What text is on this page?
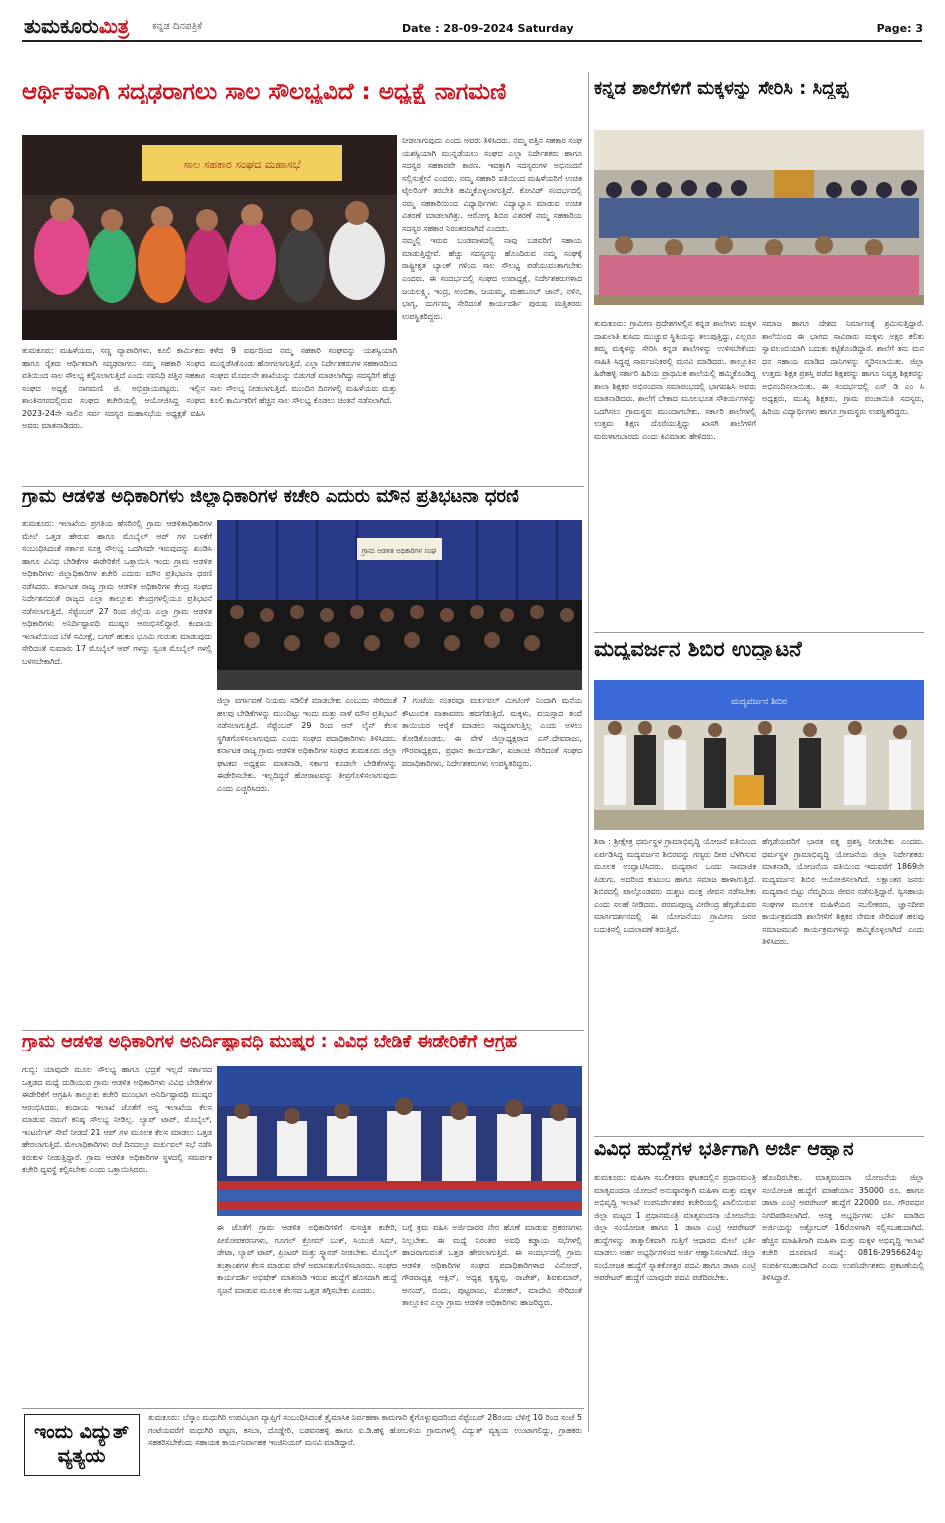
ತುಮಕೂರುಮಿತ್ರ ಕನ್ನಡ ದಿನಪತ್ರಿಕೆ	Date : 28-09-2024 Saturday	Page: 3
ಆರ್ಥಿಕವಾಗಿ ಸದೃಢರಾಗಲು ಸಾಲ ಸೌಲಭ್ಯವಿದೆ : ಅಧ್ಯಕ್ಷೆ ನಾಗಮಣಿ
ಸಾಲ ಸಹಕಾರ ಸಂಘದ ಮಹಾಸಭೆ

ನೀಡಲಾಗುವುದು ಎಂದು ಅವರು ತಿಳಿಸಿದರು. ನಮ್ಮ ಪತ್ತಿನ ಸಹಕಾರ ಸಂಘ ಯಶಸ್ವಿಯಾಗಿ ಮುನ್ನಡೆಯಲು ಸಂಘದ ಎಲ್ಲಾ ನಿರ್ದೇಶಕರು ಹಾಗೂ ಸದಸ್ಯರ ಸಹಕಾರವೇ ಕಾರಣ. ಇವತ್ತಾಗಿ ಸದಸ್ಯರುಗಳ ಅಭಿನಂದನೆ ಸಲ್ಲಿಸುತ್ತೇನೆ ಎಂದರು. ನಮ್ಮ ಸಹಕಾರಿ ವತಿಯಿಂದ ಮಹಿಳೆಯರಿಗೆ ಉಚಿತ ಟೈಲರಿಂಗ್ ತರಬೇತಿ ಹಮ್ಮಿಕೊಳ್ಳಲಾಗುತ್ತಿದೆ. ಕೋವಿಡ್ ಸಂದರ್ಭದಲ್ಲಿ ನಮ್ಮ ಸಹಕಾರಿಯಿಂದ ವಿಧ್ಯಾರ್ಥಿಗಳು ವಿದ್ಯಾಭ್ಯಾಸ ಮಾಡುವ ಉಚಿತ ವಿತರಣೆ ಮಾಡಲಾಗಿತ್ತು. ಆರೋಗ್ಯ ಶಿಬಿರ ವಿತರಣೆ ನಮ್ಮ ಸಹಕಾರಿಯ ಸದಸ್ಯರ ಸಹಕಾರ ನಿರಂತರವಾಗಿದೆ ಎಂದರು.

ನಮ್ಮಲ್ಲಿ ಇರುವ ಬಂಡವಾಳದಲ್ಲಿ ನಾವು ಬಡವರಿಗೆ ಸಹಾಯ ಮಾಡುತ್ತಿದ್ದೇವೆ. ಹೆಚ್ಚು ಸದಸ್ಯರನ್ನು ಹೊಂದಿರುವ ನಮ್ಮ ಸಂಘಕ್ಕೆ ರಾಷ್ಟ್ರೀಕೃತ ಬ್ಯಾಂಕ್ ಗಳಿಂದ ಸಾಲ ಸೌಲಭ್ಯ ಪಡೆಯುವಂತಾಗಬೇಕು ಎಂದರು. ಈ ಸಂದರ್ಭದಲ್ಲಿ ಸಂಘದ ಉಪಾಧ್ಯಕ್ಷೆ, ನಿರ್ದೇಶಕರುಗಳಾದ ಜಯಲಕ್ಷ್ಮಿ, ಇಂದ್ರ, ಅಂಬಿಕಾ, ಜಯಮ್ಮ, ಮಹಬೂಬ್ ಜಾನ್, ನಳಿನ, ಭಾಗ್ಯ, ದುರ್ಗಮ್ಮ ಸೇರಿದಂತೆ ಕಾರ್ಯದರ್ಶಿ ಪುರುಷ ಮತ್ತಿತರರು ಉಪಸ್ಥಿತರಿದ್ದರು.

ತುಮಕೂರು: ಮಹಿಳೆಯರು, ಸಣ್ಣ ವ್ಯಾಪಾರಿಗಳು, ಕೂಲಿ ಕಾರ್ಮಿಕರು ಹಾಗೂ ರೈತರು ಆರ್ಥಿಕವಾಗಿ ಸದೃಢರಾಗಲು ನಮ್ಮ ಸಹಕಾರಿ ಸಂಘದ ವತಿಯಿಂದ ಸಾಲ ಸೌಲಭ್ಯ ಕಲ್ಪಿಸಲಾಗುತ್ತಿದೆ ಎಂದು ನವನಿಧಿ ಪತ್ತಿನ ಸಹಕಾರ ಸಂಘದ ಅಧ್ಯಕ್ಷೆ ನಾಗಮಣಿ ಜಿ. ಅಭಿಪ್ರಾಯಪಟ್ಟರು. ಇಲ್ಲಿನ ಶಾಂತಿನಗರದಲ್ಲಿರುವ ಸಂಘದ ಕಚೇರಿಯಲ್ಲಿ ಆಯೋಜಿಸಿದ್ದ ಸಂಘದ 2023-24ನೇ ಸಾಲಿನ ಸರ್ವ ಸದಸ್ಯರ ಮಹಾಸಭೆಯ ಅಧ್ಯಕ್ಷತೆ ವಹಿಸಿ ಅವರು ಮಾತನಾಡಿದರು.

ಕಳೆದ 9 ವರ್ಷದಿಂದ ನಮ್ಮ ಸಹಕಾರಿ ಸಂಘವನ್ನು ಯಶಸ್ವಿಯಾಗಿ ಮುನ್ನಡೆಸಿಕೊಂಡು ಹೋಗಲಾಗುತ್ತಿದೆ. ಎಲ್ಲಾ ನಿರ್ದೇಶಕರುಗಳ ಸಹಕಾರದಿಂದ ಸಂಘದ ಮೊದಲನೇ ಶಾಖೆಯನ್ನು ಬಿಡುಗಡೆ ಮಾಡಲಾಗಿದ್ದು ಸದಸ್ಯರಿಗೆ ಹೆಚ್ಚು ಸಾಲ ಸೌಲಭ್ಯ ನೀಡಲಾಗುತ್ತಿದೆ. ಮುಂದಿನ ದಿನಗಳಲ್ಲಿ ಮಹಿಳೆಯರು ಮತ್ತು ಕೂಲಿ ಕಾರ್ಮಿಕರಿಗೆ ಹೆಚ್ಚಿನ ಸಾಲ ಸೌಲಭ್ಯ ಕೊಡಲು ಚಿಂತನೆ ನಡೆಸಲಾಗಿದೆ.

ಕನ್ನಡ ಶಾಲೆಗಳಿಗೆ ಮಕ್ಕಳನ್ನು ಸೇರಿಸಿ : ಸಿದ್ದಪ್ಪ

ತುಮಕೂರು: ಗ್ರಾಮೀಣ ಪ್ರದೇಶಗಳಲ್ಲಿನ ಕನ್ನಡ ಶಾಲೆಗಳು ಮಕ್ಕಳ ದಾಖಲಾತಿ ಕುಸಿದು ಮುಚ್ಚುವ ಸ್ಥಿತಿಯನ್ನು ತಲುಪುತ್ತಿದ್ದು, ಎಲ್ಲರೂ ತಮ್ಮ ಮಕ್ಕಳನ್ನು ಸೇರಿಸಿ ಕನ್ನಡ ಶಾಲೆಗಳನ್ನು ಉಳಿಸಬೇಕೆಂದು ಸಾಹಿತಿ ಸಿದ್ದಪ್ಪ ಸಾರ್ವಜನಿಕರಲ್ಲಿ ಮನವಿ ಮಾಡಿದರು. ತಾಲ್ಲೂಕಿನ ಹಿರೇಹಳ್ಳಿ ಸರ್ಕಾರಿ ಹಿರಿಯ ಪ್ರಾಥಮಿಕ ಶಾಲೆಯಲ್ಲಿ ಹಮ್ಮಿಕೊಂಡಿದ್ದ ಶಾಲಾ ಶಿಕ್ಷಕರ ಅಭಿನಂದನಾ ಸಮಾರಂಭದಲ್ಲಿ ಭಾಗವಹಿಸಿ ಅವರು ಮಾತನಾಡಿದರು. ಶಾಲೆಗೆ ಬೇಕಾದ ಮೂಲಭೂತ ಸೌಕರ್ಯಗಳನ್ನು ಒದಗಿಸಲು ಗ್ರಾಮಸ್ಥರು ಮುಂದಾಗಬೇಕು. ಸರ್ಕಾರಿ ಶಾಲೆಗಳಲ್ಲಿ ಉತ್ತಮ ಶಿಕ್ಷಣ ದೊರೆಯುತ್ತಿದ್ದು ಖಾಸಗಿ ಶಾಲೆಗಳಿಗೆ ಮರುಳಾಗಬಾರದು ಎಂದು ಕಿವಿಮಾತು ಹೇಳಿದರು.

ಸಮಾಜ ಹಾಗೂ ದೇಶದ ನಿರ್ಮಾಣಕ್ಕೆ ಶ್ರಮಿಸುತ್ತಿದ್ದಾರೆ. ಶಾಲೆಯಿಂದ ಈ ಭಾಗದ ಸಾವಿರಾರು ಮಕ್ಕಳು ಅಕ್ಷರ ಕಲಿತು ಸ್ವಾವಲಂಬಿಯಾಗಿ ಬದುಕು ಕಟ್ಟಿಕೊಂಡಿದ್ದಾರೆ. ಶಾಲೆಗೆ ತನು ಮನ ಧನ ಸಹಾಯ ಮಾಡಿದ ದಾನಿಗಳನ್ನು ಸ್ಮರಿಸಲಾಯಿತು. ಜಿಲ್ಲಾ ಉತ್ತಮ ಶಿಕ್ಷಕ ಪ್ರಶಸ್ತಿ ಪಡೆದ ಶಿಕ್ಷಕರನ್ನು ಹಾಗೂ ನಿವೃತ್ತ ಶಿಕ್ಷಕರನ್ನು ಅಭಿನಂದಿಸಲಾಯಿತು. ಈ ಸಂದರ್ಭದಲ್ಲಿ ಎಸ್ ಡಿ ಎಂ ಸಿ ಅಧ್ಯಕ್ಷರು, ಮುಖ್ಯ ಶಿಕ್ಷಕರು, ಗ್ರಾಮ ಪಂಚಾಯಿತಿ ಸದಸ್ಯರು, ಹಿರಿಯ ವಿದ್ಯಾರ್ಥಿಗಳು ಹಾಗೂ ಗ್ರಾಮಸ್ಥರು ಉಪಸ್ಥಿತರಿದ್ದರು.

ಗ್ರಾಮ ಆಡಳಿತ ಅಧಿಕಾರಿಗಳು ಜಿಲ್ಲಾಧಿಕಾರಿಗಳ ಕಚೇರಿ ಎದುರು ಮೌನ ಪ್ರತಿಭಟನಾ ಧರಣಿ

ತುಮಕೂರು: ಇಲಾಖೆಯ ಪ್ರಗತಿಯ ಹೆಸರಿನಲ್ಲಿ ಗ್ರಾಮ ಆಡಳಿತಾಧಿಕಾರಿಗಳ ಮೇಲೆ ಒತ್ತಡ ಹೇರುವ ಹಾಗೂ ಮೊಬೈಲ್ ಆಪ್ ಗಳ ಬಳಕೆಗೆ ಸಂಬಂಧಿಸಿದಂತೆ ಸರ್ಕಾರ ಸೂಕ್ತ ಸೌಲಭ್ಯ ಒದಗಿಸದೇ ಇರುವುದನ್ನು ಖಂಡಿಸಿ ಹಾಗೂ ವಿವಿಧ ಬೇಡಿಕೆಗಳ ಈಡೇರಿಕೆಗೆ ಒತ್ತಾಯಿಸಿ ಇಂದು ಗ್ರಾಮ ಆಡಳಿತ ಅಧಿಕಾರಿಗಳು ಜಿಲ್ಲಾಧಿಕಾರಿಗಳ ಕಚೇರಿ ಎದುರು ಮೌನ ಪ್ರತಿಭಟನಾ ಧರಣಿ ನಡೆಸಿದರು. ಕರ್ನಾಟಕ ರಾಜ್ಯ ಗ್ರಾಮ ಆಡಳಿತ ಅಧಿಕಾರಿಗಳ ಕೇಂದ್ರ ಸಂಘದ ನಿರ್ದೇಶನದಂತೆ ರಾಜ್ಯದ ಎಲ್ಲಾ ತಾಲ್ಲೂಕು ಕೇಂದ್ರಗಳಲ್ಲಿಯೂ ಪ್ರತಿಭಟನೆ ನಡೆಸಲಾಗುತ್ತಿದೆ. ಸೆಪ್ಟೆಂಬರ್ 27 ರಿಂದ ಜಿಲ್ಲೆಯ ಎಲ್ಲಾ ಗ್ರಾಮ ಆಡಳಿತ ಅಧಿಕಾರಿಗಳು ಅನಿರ್ದಿಷ್ಟಾವಧಿ ಮುಷ್ಕರ ಆರಂಭಿಸಲಿದ್ದಾರೆ. ಕಂದಾಯ ಇಲಾಖೆಯಿಂದ ಬೆಳೆ ಸಮೀಕ್ಷೆ, ಬಗರ್ ಹುಕುಂ ಭೂಮಿ ಗುರುತು ಮಾಡುವುದು ಸೇರಿದಂತೆ ಸುಮಾರು 17 ಮೊಬೈಲ್ ಆಪ್ ಗಳನ್ನು ಸ್ವಂತ ಮೊಬೈಲ್ ಗಳಲ್ಲಿ ಬಳಸಬೇಕಾಗಿದೆ.

ಗ್ರಾಮ ಆಡಳಿತ ಅಧಿಕಾರಿಗಳ ಸಂಘ

ಜಿಲ್ಲಾ ವರ್ಗಾವಣೆ ನಿಯಮ ಸಡಿಲಿಕೆ ಮಾಡಬೇಕು ಎಂಬುದು ಸೇರಿದಂತೆ ಹಲವು ಬೇಡಿಕೆಗಳನ್ನು ಮುಂದಿಟ್ಟು ಇಂದು ಮತ್ತು ನಾಳೆ ಮೌನ ಪ್ರತಿಭಟನೆ ನಡೆಸಲಾಗುತ್ತಿದೆ. ಸೆಪ್ಟೆಂಬರ್ 29 ರಿಂದ ಆನ್ ಲೈನ್ ಕೆಲಸ ಸ್ಥಗಿತಗೊಳಿಸಲಾಗುವುದು ಎಂದು ಸಂಘದ ಪದಾಧಿಕಾರಿಗಳು ತಿಳಿಸಿದರು. ಕರ್ನಾಟಕ ರಾಜ್ಯ ಗ್ರಾಮ ಆಡಳಿತ ಅಧಿಕಾರಿಗಳ ಸಂಘದ ತುಮಕೂರು ಜಿಲ್ಲಾ ಘಟಕದ ಅಧ್ಯಕ್ಷರು ಮಾತನಾಡಿ, ಸರ್ಕಾರ ಕೂಡಲೇ ಬೇಡಿಕೆಗಳನ್ನು ಈಡೇರಿಸಬೇಕು. ಇಲ್ಲದಿದ್ದರೆ ಹೋರಾಟವನ್ನು ತೀವ್ರಗೊಳಿಸಲಾಗುವುದು ಎಂದು ಎಚ್ಚರಿಸಿದರು.

7 ಗಂಟೆಯ ನಂತರವೂ ವರ್ಚುವಲ್ ಮೀಟಿಂಗ್ ನಿಂದಾಗಿ ಮನೆಯ ಕೌಟುಂಬಿಕ ವಾತಾವರಣ ಹದಗೆಡುತ್ತಿದೆ. ಮಕ್ಕಳು, ವಯಸ್ಸಾದ ತಂದೆ ತಾಯಿಯರ ಆರೈಕೆ ಮಾಡಲು ಸಾಧ್ಯವಾಗುತ್ತಿಲ್ಲ ಎಂದು ಅಳಲು ತೋಡಿಕೊಂಡರು. ಈ ವೇಳೆ ಜಿಲ್ಲಾಧ್ಯಕ್ಷರಾದ ಎಸ್.ದೇವರಾಜು, ಗೌರವಾಧ್ಯಕ್ಷರು, ಪ್ರಧಾನ ಕಾರ್ಯದರ್ಶಿ, ಖಜಾಂಚಿ ಸೇರಿದಂತೆ ಸಂಘದ ಪದಾಧಿಕಾರಿಗಳು, ನಿರ್ದೇಶಕರುಗಳು ಉಪಸ್ಥಿತರಿದ್ದರು.

ಮದ್ಯವರ್ಜನ ಶಿಬಿರ ಉದ್ಘಾಟನೆ
ಮದ್ಯವರ್ಜನ ಶಿಬಿರ

ಶಿರಾ : ಶ್ರೀಕ್ಷೇತ್ರ ಧರ್ಮಸ್ಥಳ ಗ್ರಾಮಾಭಿವೃದ್ಧಿ ಯೋಜನೆ ವತಿಯಿಂದ ಏರ್ಪಡಿಸಿದ್ದ ಮದ್ಯವರ್ಜನ ಶಿಬಿರವನ್ನು ಗಣ್ಯರು ದೀಪ ಬೆಳಗಿಸುವ ಮೂಲಕ ಉದ್ಘಾಟಿಸಿದರು. ಮದ್ಯಪಾನ ಒಂದು ಸಾಮಾಜಿಕ ಪಿಡುಗು. ಅದರಿಂದ ಕುಟುಂಬ ಹಾಗೂ ಸಮಾಜ ಹಾಳಾಗುತ್ತಿದೆ. ಶಿಬಿರದಲ್ಲಿ ಪಾಲ್ಗೊಂಡವರು ದುಶ್ಚಟ ಮುಕ್ತ ಜೀವನ ನಡೆಸಬೇಕು ಎಂದು ಸಲಹೆ ನೀಡಿದರು. ಪರಮಪೂಜ್ಯ ವೀರೇಂದ್ರ ಹೆಗ್ಗಡೆಯವರ ಮಾರ್ಗದರ್ಶನದಲ್ಲಿ ಈ ಯೋಜನೆಯು ಗ್ರಾಮೀಣ ಜನರ ಬದುಕಿನಲ್ಲಿ ಬದಲಾವಣೆ ತರುತ್ತಿದೆ.

ಹೆಗ್ಗಡೆಯವರಿಗೆ ಭಾರತ ರತ್ನ ಪ್ರಶಸ್ತಿ ನೀಡಬೇಕು ಎಂದರು. ಧರ್ಮಸ್ಥಳ ಗ್ರಾಮಾಭಿವೃದ್ಧಿ ಯೋಜನೆಯ ಜಿಲ್ಲಾ ನಿರ್ದೇಶಕರು ಮಾತನಾಡಿ, ಯೋಜನೆಯ ವತಿಯಿಂದ ಇದುವರೆಗೆ 1869ನೇ ಮದ್ಯವರ್ಜನ ಶಿಬಿರ ಆಯೋಜಿಸಲಾಗಿದೆ. ಲಕ್ಷಾಂತರ ಜನರು ಮದ್ಯಪಾನ ಬಿಟ್ಟು ನೆಮ್ಮದಿಯ ಜೀವನ ನಡೆಸುತ್ತಿದ್ದಾರೆ. ಸ್ವಸಹಾಯ ಸಂಘಗಳ ಮೂಲಕ ಮಹಿಳೆಯರ ಸಬಲೀಕರಣ, ಜ್ಞಾನದೀಪ ಕಾರ್ಯಕ್ರಮದಡಿ ಶಾಲೆಗಳಿಗೆ ಶಿಕ್ಷಕರ ನೇಮಕ ಸೇರಿದಂತೆ ಹಲವು ಸಮಾಜಮುಖಿ ಕಾರ್ಯಕ್ರಮಗಳನ್ನು ಹಮ್ಮಿಕೊಳ್ಳಲಾಗಿದೆ ಎಂದು ತಿಳಿಸಿದರು.

ಗ್ರಾಮ ಆಡಳಿತ ಅಧಿಕಾರಿಗಳ ಅನಿರ್ದಿಷ್ಟಾವಧಿ ಮುಷ್ಕರ : ವಿವಿಧ ಬೇಡಿಕೆ ಈಡೇರಿಕೆಗೆ ಆಗ್ರಹ

ಗುಬ್ಬಿ: ಯಾವುದೇ ಮೂಲ ಸೌಲಭ್ಯ ಹಾಗೂ ಭದ್ರತೆ ಇಲ್ಲದೆ ಸರ್ಕಾರದ ಒತ್ತಡದ ಮಧ್ಯೆ ದುಡಿಯುವ ಗ್ರಾಮ ಆಡಳಿತ ಅಧಿಕಾರಿಗಳು ವಿವಿಧ ಬೇಡಿಕೆಗಳ ಈಡೇರಿಕೆಗೆ ಆಗ್ರಹಿಸಿ ತಾಲ್ಲೂಕು ಕಚೇರಿ ಮುಂಭಾಗ ಅನಿರ್ದಿಷ್ಟಾವಧಿ ಮುಷ್ಕರ ಆರಂಭಿಸಿದರು. ಕಂದಾಯ ಇಲಾಖೆ ಜೊತೆಗೆ ಅನ್ಯ ಇಲಾಖೆಯ ಕೆಲಸ ಮಾಡುವ ನಮಗೆ ಕನಿಷ್ಠ ಸೌಲಭ್ಯ ನೀಡಿಲ್ಲ. ಲ್ಯಾಪ್ ಟಾಪ್, ಮೊಬೈಲ್, ಇಂಟರ್ನೆಟ್ ಸೇವೆ ನೀಡದೆ 21 ಆಪ್ ಗಳ ಮೂಲಕ ಕೆಲಸ ಮಾಡಲು ಒತ್ತಡ ಹೇರಲಾಗುತ್ತಿದೆ. ಮೇಲಾಧಿಕಾರಿಗಳು ರಜೆ ದಿನದಲ್ಲೂ ವರ್ಚುವಲ್ ಸಭೆ ನಡೆಸಿ ಕಿರುಕುಳ ನೀಡುತ್ತಿದ್ದಾರೆ. ಗ್ರಾಮ ಆಡಳಿತ ಅಧಿಕಾರಿಗಳ ಸ್ಥಳದಲ್ಲಿ ಸಮರ್ಪಕ ಕಚೇರಿ ವ್ಯವಸ್ಥೆ ಕಲ್ಪಿಸಬೇಕು ಎಂದು ಒತ್ತಾಯಿಸಿದರು.

ಈ ಜೊತೆಗೆ ಗ್ರಾಮ ಆಡಳಿತ ಅಧಿಕಾರಿಗಳಿಗೆ ಸುಸಜ್ಜಿತ ಕಚೇರಿ, ಪೀಠೋಪಕರಣಗಳು, ಗೂಗಲ್ ಕ್ರೋಮ್ ಬುಕ್, ಸಿಯುಜಿ ಸಿಮ್, ಡೇಟಾ, ಲ್ಯಾಪ್ ಟಾಪ್, ಪ್ರಿಂಟರ್ ಮತ್ತು ಸ್ಕ್ಯಾನರ್ ನೀಡಬೇಕು. ಮೊಬೈಲ್ ತಂತ್ರಾಂಶಗಳ ಕೆಲಸ ಮಾಡುವ ವೇಳೆ ಅಮಾನತುಗೊಳಿಸಬಾರದು. ಸಂಘದ ಕಾರ್ಯದರ್ಶಿ ಅಭಿಷೇಕ್ ಮಾತನಾಡಿ ಇರುವ ಹುದ್ದೆಗೆ ಹೊಸದಾಗಿ ಹುದ್ದೆ ಸೃಜನೆ ಮಾಡುವ ಮೂಲಕ ಕೆಲಸದ ಒತ್ತಡ ತಗ್ಗಿಸಬೇಕು ಎಂದರು.

ಬಗ್ಗೆ ಕ್ರಮ ವಹಿಸಿ ಅರ್ಜಿದಾರರ ನೇರ ಹೊಣೆ ಮಾಡುವ ಪ್ರಕರಣಗಳು ನಿಲ್ಲಬೇಕು. ಈ ಮಧ್ಯೆ ನಿರಂತರ ಅವಧಿ ಕಡ್ಡಾಯ ಸಭೆಗಳಲ್ಲಿ ಹಾಜರಾಗುವಂತೆ ಒತ್ತಡ ಹೇರಲಾಗುತ್ತಿದೆ. ಈ ಸಂದರ್ಭದಲ್ಲಿ ಗ್ರಾಮ ಆಡಳಿತ ಅಧಿಕಾರಿಗಳ ಸಂಘದ ಪದಾಧಿಕಾರಿಗಳಾದ ವಿನೋದ್, ಗೌರವಾಧ್ಯಕ್ಷ ಆಕ್ಷಿನ್, ಅಧ್ಯಕ್ಷ ಕೃಷ್ಣಪ್ಪ, ರಾಜೇಶ್, ಶಿವಕುಮಾರ್, ಆನಂದ್, ಬಿಂದು, ಪುಟ್ಟರಾಜು, ಮೋಹನ್, ಮಾದೇವಿ ಸೇರಿದಂತೆ ತಾಲ್ಲೂಕಿನ ಎಲ್ಲಾ ಗ್ರಾಮ ಆಡಳಿತ ಅಧಿಕಾರಿಗಳು ಹಾಜರಿದ್ದರು.

ವಿವಿಧ ಹುದ್ದೆಗಳ ಭರ್ತಿಗಾಗಿ ಅರ್ಜಿ ಆಹ್ವಾನ

ತುಮಕೂರು: ಮಹಿಳಾ ಸಬಲೀಕರಣ ಘಟಕದಲ್ಲಿನ ಪ್ರಧಾನಮಂತ್ರಿ ಮಾತೃವಂದನಾ ಯೋಜನೆ ಅನುಷ್ಠಾನಕ್ಕಾಗಿ ಮಹಿಳಾ ಮತ್ತು ಮಕ್ಕಳ ಅಭಿವೃದ್ಧಿ ಇಲಾಖೆ ಉಪನಿರ್ದೇಶಕರ ಕಚೇರಿಯಲ್ಲಿ ಖಾಲಿಯಿರುವ ಜಿಲ್ಲಾ ಮಟ್ಟದ 1 ಪ್ರಧಾನಮಂತ್ರಿ ಮಾತೃವಂದನಾ ಯೋಜನೆಯ ಜಿಲ್ಲಾ ಸಂಯೋಜಕ ಹಾಗೂ 1 ಡಾಟಾ ಎಂಟ್ರಿ ಆಪರೇಟರ್ ಹುದ್ದೆಗಳನ್ನು ತಾತ್ಕಾಲಿಕವಾಗಿ ಗುತ್ತಿಗೆ ಆಧಾರದ ಮೇಲೆ ಭರ್ತಿ ಮಾಡಲು ಅರ್ಹ ಅಭ್ಯರ್ಥಿಗಳಿಂದ ಅರ್ಜಿ ಆಹ್ವಾನಿಸಲಾಗಿದೆ. ಜಿಲ್ಲಾ ಸಂಯೋಜಕ ಹುದ್ದೆಗೆ ಸ್ನಾತಕೋತ್ತರ ಪದವಿ ಹಾಗೂ ಡಾಟಾ ಎಂಟ್ರಿ ಆಪರೇಟರ್ ಹುದ್ದೆಗೆ ಯಾವುದೇ ಪದವಿ ಪಡೆದಿರಬೇಕು.

ಹೊಂದಿರಬೇಕು. ಮಾತೃವಂದನಾ ಯೋಜನೆಯ ಜಿಲ್ಲಾ ಸಂಯೋಜಕ ಹುದ್ದೆಗೆ ಮಾಹೆಯಾನ 35000 ರೂ. ಹಾಗೂ ಡಾಟಾ ಎಂಟ್ರಿ ಆಪರೇಟರ್ ಹುದ್ದೆಗೆ 22000 ರೂ. ಗೌರವಧನ ನಿಗದಿಪಡಿಸಲಾಗಿದೆ. ಆಸಕ್ತ ಅಭ್ಯರ್ಥಿಗಳು ಭರ್ತಿ ಮಾಡಿದ ಅರ್ಜಿಯನ್ನು ಅಕ್ಟೋಬರ್ 16ರೊಳಗಾಗಿ ಸಲ್ಲಿಸಬಹುದಾಗಿದೆ. ಹೆಚ್ಚಿನ ಮಾಹಿತಿಗಾಗಿ ಮಹಿಳಾ ಮತ್ತು ಮಕ್ಕಳ ಅಭಿವೃದ್ಧಿ ಇಲಾಖೆ ಕಚೇರಿ ದೂರವಾಣಿ ಸಂಖ್ಯೆ: 0816-2956624ನ್ನು ಸಂಪರ್ಕಿಸಬಹುದಾಗಿದೆ ಎಂದು ಉಪನಿರ್ದೇಶಕರು ಪ್ರಕಟಣೆಯಲ್ಲಿ ತಿಳಿಸಿದ್ದಾರೆ.

ಇಂದು ವಿದ್ಯುತ್
ವ್ಯತ್ಯಯ

ತುಮಕೂರು: ಬೆಸ್ಕಾಂ ಮಧುಗಿರಿ ಉಪವಿಭಾಗ ವ್ಯಾಪ್ತಿಗೆ ಸಂಬಂಧಿಸಿದಂತೆ ತ್ರೈಮಾಸಿಕ ನಿರ್ವಹಣಾ ಕಾಮಗಾರಿ ಕೈಗೊಳ್ಳುವುದರಿಂದ ಸೆಪ್ಟೆಂಬರ್ 28ರಂದು ಬೆಳಿಗ್ಗೆ 10 ರಿಂದ ಸಂಜೆ 5 ಗಂಟೆಯವರೆಗೆ ಮಧುಗಿರಿ ಪಟ್ಟಣ, ಕಸಬಾ, ದೊಡ್ಡೇರಿ, ಬಡವನಹಳ್ಳಿ ಹಾಗೂ ಐ.ಡಿ.ಹಳ್ಳಿ ಹೋಬಳಿಯ ಗ್ರಾಮಗಳಲ್ಲಿ ವಿದ್ಯುತ್ ವ್ಯತ್ಯಯ ಉಂಟಾಗಲಿದ್ದು, ಗ್ರಾಹಕರು ಸಹಕರಿಸಬೇಕೆಂದು ಸಹಾಯಕ ಕಾರ್ಯನಿರ್ವಾಹಕ ಇಂಜಿನಿಯರ್ ಮನವಿ ಮಾಡಿದ್ದಾರೆ.
